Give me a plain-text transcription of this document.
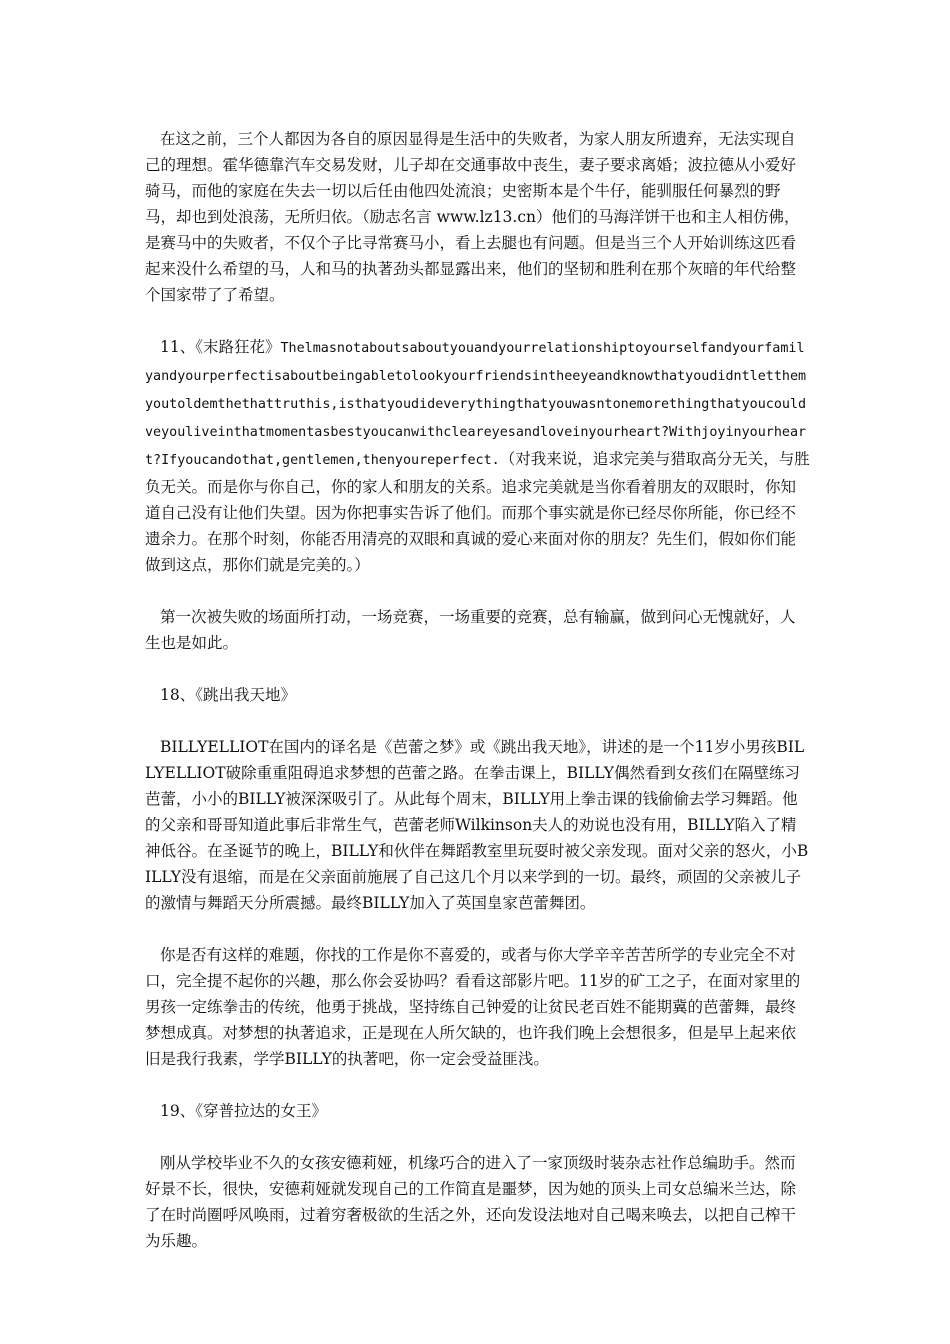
在这之前，三个人都因为各自的原因显得是生活中的失败者，为家人朋友所遗弃，无法实现自己的理想。霍华德靠汽车交易发财，儿子却在交通事故中丧生，妻子要求离婚；波拉德从小爱好骑马，而他的家庭在失去一切以后任由他四处流浪；史密斯本是个牛仔，能驯服任何暴烈的野马，却也到处浪荡，无所归依。（励志名言 www.lz13.cn）他们的马海洋饼干也和主人相仿佛，是赛马中的失败者，不仅个子比寻常赛马小，看上去腿也有问题。但是当三个人开始训练这匹看起来没什么希望的马，人和马的执著劲头都显露出来，他们的坚韧和胜利在那个灰暗的年代给整个国家带了了希望。

11、《末路狂花》Thelmasnotaboutsaboutyouandyourrelationshiptoyourselfandyourfamilyandyourperfectisaboutbeingabletolookyourfriendsintheeyeandknowthatyoudidntletthemyoutoldemthethattruthis,isthatyoudideverythingthatyouwasntonemorethingthatyoucouldveyouliveinthatmomentasbestyoucanwithcleareyesandloveinyourheart?Withjoyinyourheart?Ifyoucandothat,gentlemen,thenyoureperfect.（对我来说，追求完美与猎取高分无关，与胜负无关。而是你与你自己，你的家人和朋友的关系。追求完美就是当你看着朋友的双眼时，你知道自己没有让他们失望。因为你把事实告诉了他们。而那个事实就是你已经尽你所能，你已经不遗余力。在那个时刻，你能否用清亮的双眼和真诚的爱心来面对你的朋友？先生们，假如你们能做到这点，那你们就是完美的。）

第一次被失败的场面所打动，一场竞赛，一场重要的竞赛，总有输赢，做到问心无愧就好，人生也是如此。

18、《跳出我天地》

BILLYELLIOT在国内的译名是《芭蕾之梦》或《跳出我天地》，讲述的是一个11岁小男孩BILLYELLIOT破除重重阻碍追求梦想的芭蕾之路。在拳击课上，BILLY偶然看到女孩们在隔壁练习芭蕾，小小的BILLY被深深吸引了。从此每个周末，BILLY用上拳击课的钱偷偷去学习舞蹈。他的父亲和哥哥知道此事后非常生气，芭蕾老师Wilkinson夫人的劝说也没有用，BILLY陷入了精神低谷。在圣诞节的晚上，BILLY和伙伴在舞蹈教室里玩耍时被父亲发现。面对父亲的怒火，小BILLY没有退缩，而是在父亲面前施展了自己这几个月以来学到的一切。最终，顽固的父亲被儿子的激情与舞蹈天分所震撼。最终BILLY加入了英国皇家芭蕾舞团。

你是否有这样的难题，你找的工作是你不喜爱的，或者与你大学辛辛苦苦所学的专业完全不对口，完全提不起你的兴趣，那么你会妥协吗？看看这部影片吧。11岁的矿工之子，在面对家里的男孩一定练拳击的传统，他勇于挑战，坚持练自己钟爱的让贫民老百姓不能期冀的芭蕾舞，最终梦想成真。对梦想的执著追求，正是现在人所欠缺的，也许我们晚上会想很多，但是早上起来依旧是我行我素，学学BILLY的执著吧，你一定会受益匪浅。

19、《穿普拉达的女王》

刚从学校毕业不久的女孩安德莉娅，机缘巧合的进入了一家顶级时装杂志社作总编助手。然而好景不长，很快，安德莉娅就发现自己的工作简直是噩梦，因为她的顶头上司女总编米兰达，除了在时尚圈呼风唤雨，过着穷奢极欲的生活之外，还向发设法地对自己喝来唤去，以把自己榨干为乐趣。
